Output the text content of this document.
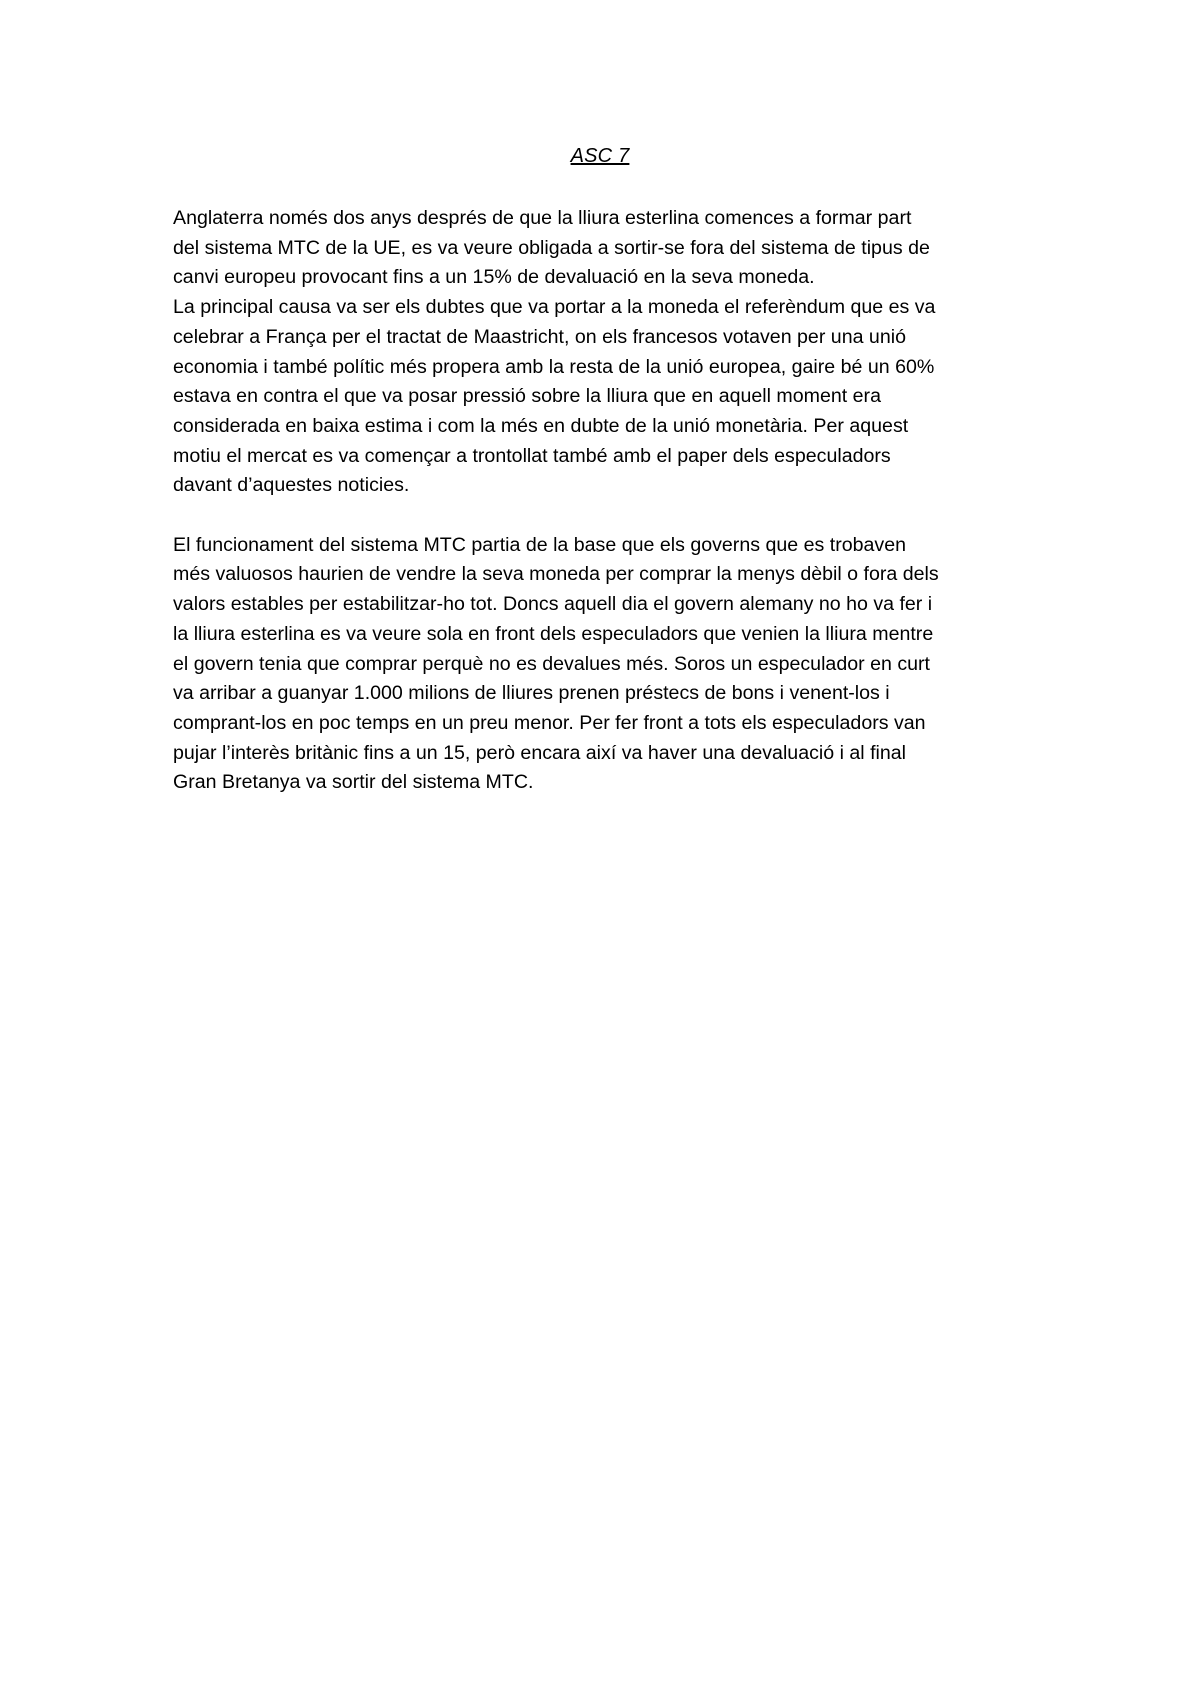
ASC 7
Anglaterra només dos anys després de que la lliura esterlina comences a formar part
del sistema MTC de la UE, es va veure obligada a sortir-se fora del sistema de tipus de
canvi europeu provocant fins a un 15% de devaluació en la seva moneda.
La principal causa va ser els dubtes que va portar a la moneda el referèndum que es va
celebrar a França per el tractat de Maastricht, on els francesos votaven per una unió
economia i també polític més propera amb la resta de la unió europea, gaire bé un 60%
estava en contra el que va posar pressió sobre la lliura que en aquell moment era
considerada en baixa estima i com la més en dubte de la unió monetària. Per aquest
motiu el mercat es va començar a trontollat també amb el paper dels especuladors
davant d’aquestes noticies.
El funcionament del sistema MTC partia de la base que els governs que es trobaven
més valuosos haurien de vendre la seva moneda per comprar la menys dèbil o fora dels
valors estables per estabilitzar-ho tot. Doncs aquell dia el govern alemany no ho va fer i
la lliura esterlina es va veure sola en front dels especuladors que venien la lliura mentre
el govern tenia que comprar perquè no es devalues més. Soros un especulador en curt
va arribar a guanyar 1.000 milions de lliures prenen préstecs de bons i venent-los i
comprant-los en poc temps en un preu menor. Per fer front a tots els especuladors van
pujar l’interès britànic fins a un 15, però encara així va haver una devaluació i al final
Gran Bretanya va sortir del sistema MTC.
